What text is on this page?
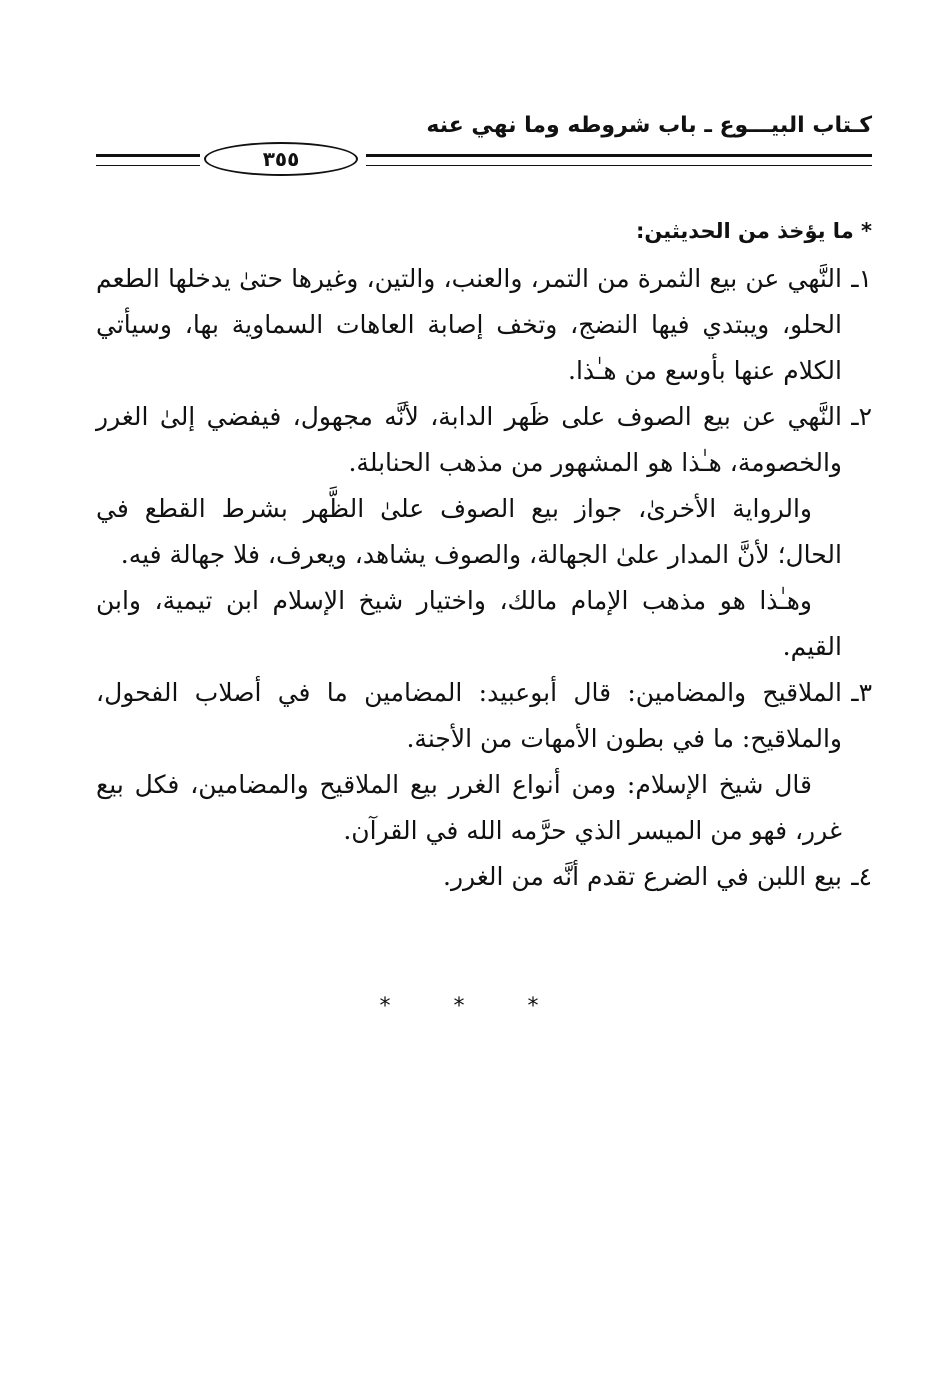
كـتاب البيـــوع ـ باب شروطه وما نهي عنه
٣٥٥

* ما يؤخذ من الحديثين:

١ـالنَّهي عن بيع الثمرة من التمر، والعنب، والتين، وغيرها حتىٰ يدخلها الطعم الحلو، ويبتدي فيها النضج، وتخف إصابة العاهات السماوية بها، وسيأتي الكلام عنها بأوسع من هـٰذا.

٢ـالنَّهي عن بيع الصوف على ظَهر الدابة، لأنَّه مجهول، فيفضي إلىٰ الغرر والخصومة، هـٰذا هو المشهور من مذهب الحنابلة.

والرواية الأخرىٰ، جواز بيع الصوف علىٰ الظَّهر بشرط القطع في الحال؛ لأنَّ المدار علىٰ الجهالة، والصوف يشاهد، ويعرف، فلا جهالة فيه.

وهـٰذا هو مذهب الإمام مالك، واختيار شيخ الإسلام ابن تيمية، وابن القيم.

٣ـالملاقيح والمضامين: قال أبوعبيد: المضامين ما في أصلاب الفحول، والملاقيح: ما في بطون الأمهات من الأجنة.

قال شيخ الإسلام: ومن أنواع الغرر بيع الملاقيح والمضامين، فكل بيع غرر، فهو من الميسر الذي حرَّمه الله في القرآن.

٤ـبيع اللبن في الضرع تقدم أنَّه من الغرر.

* * *
